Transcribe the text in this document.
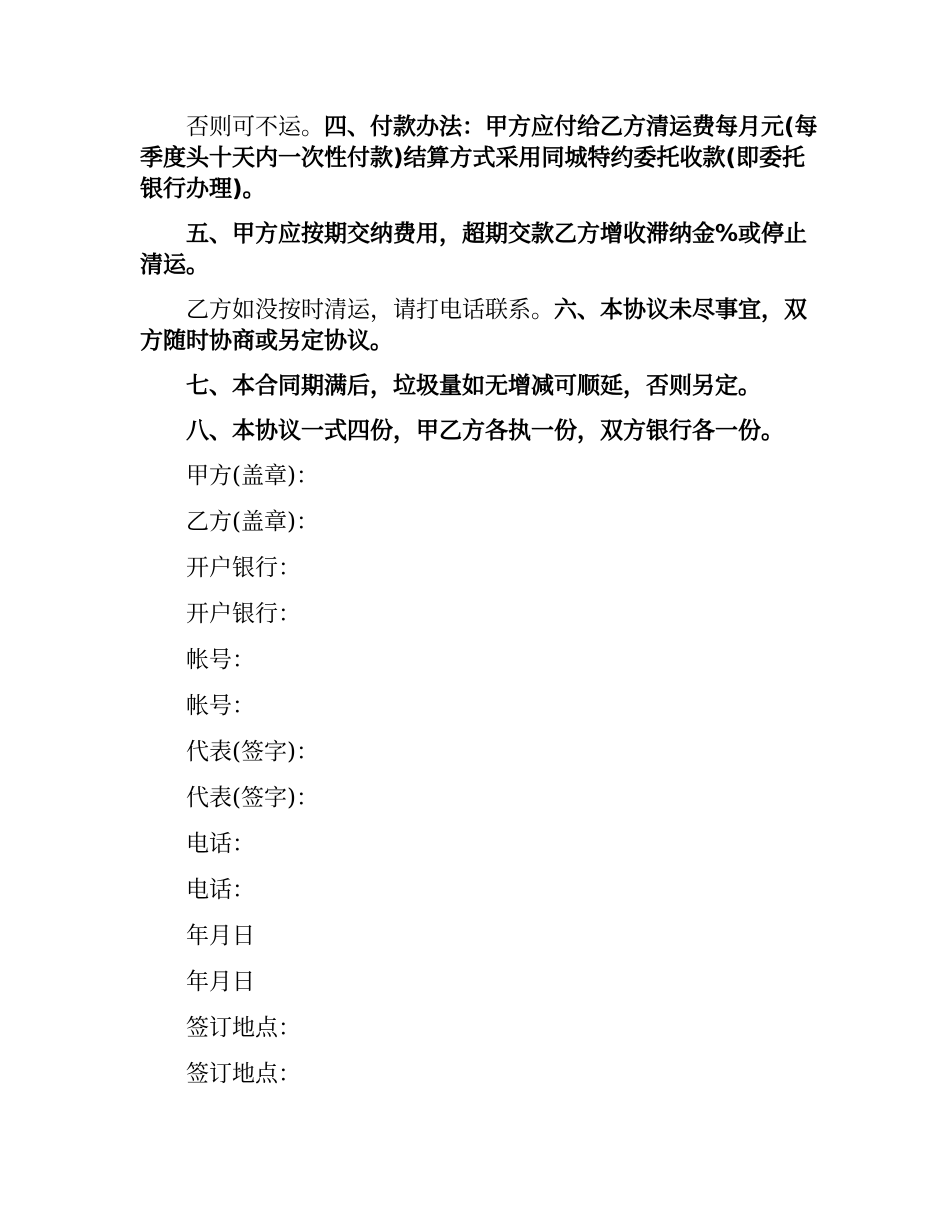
否则可不运。四、付款办法：甲方应付给乙方清运费每月元(每季度头十天内一次性付款)结算方式采用同城特约委托收款(即委托银行办理)。

五、甲方应按期交纳费用，超期交款乙方增收滞纳金%或停止清运。

乙方如没按时清运，请打电话联系。六、本协议未尽事宜，双方随时协商或另定协议。

七、本合同期满后，垃圾量如无增减可顺延，否则另定。

八、本协议一式四份，甲乙方各执一份，双方银行各一份。

甲方(盖章)：
乙方(盖章)：
开户银行：
开户银行：
帐号：
帐号：
代表(签字)：
代表(签字)：
电话：
电话：
年月日
年月日
签订地点：
签订地点：
